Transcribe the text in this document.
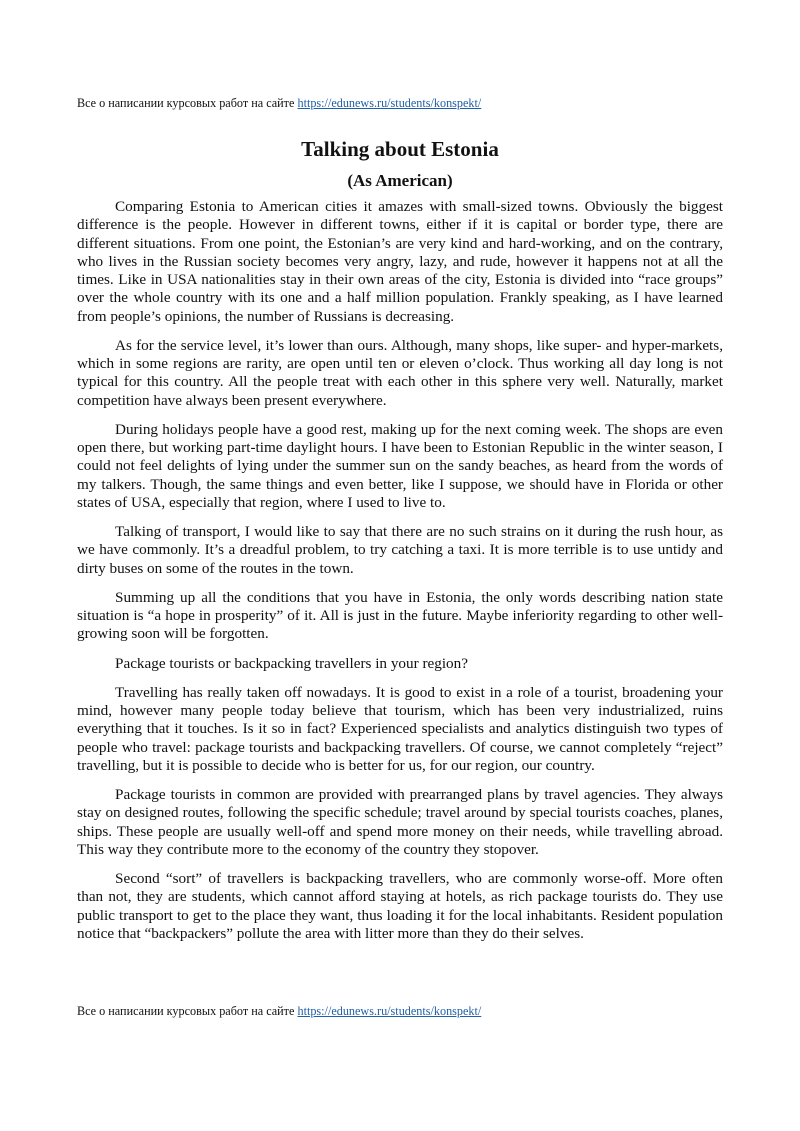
Все о написании курсовых работ на сайте https://edunews.ru/students/konspekt/
Talking about Estonia
(As American)

Comparing Estonia to American cities it amazes with small-sized towns. Obviously the biggest difference is the people. However in different towns, either if it is capital or border type, there are different situations. From one point, the Estonian’s are very kind and hard-working, and on the contrary, who lives in the Russian society becomes very angry, lazy, and rude, however it happens not at all the times. Like in USA nationalities stay in their own areas of the city, Estonia is divided into “race groups” over the whole country with its one and a half million population. Frankly speaking, as I have learned from people’s opinions, the number of Russians is decreasing.

As for the service level, it’s lower than ours. Although, many shops, like super- and hyper-markets, which in some regions are rarity, are open until ten or eleven o’clock. Thus working all day long is not typical for this country. All the people treat with each other in this sphere very well. Naturally, market competition have always been present everywhere.

During holidays people have a good rest, making up for the next coming week. The shops are even open there, but working part-time daylight hours. I have been to Estonian Republic in the winter season, I could not feel delights of lying under the summer sun on the sandy beaches, as heard from the words of my talkers. Though, the same things and even better, like I suppose, we should have in Florida or other states of USA, especially that region, where I used to live to.

Talking of transport, I would like to say that there are no such strains on it during the rush hour, as we have commonly. It’s a dreadful problem, to try catching a taxi. It is more terrible is to use untidy and dirty buses on some of the routes in the town.

Summing up all the conditions that you have in Estonia, the only words describing nation state situation is “a hope in prosperity” of it. All is just in the future. Maybe inferiority regarding to other well-growing soon will be forgotten.

Package tourists or backpacking travellers in your region?

Travelling has really taken off nowadays. It is good to exist in a role of a tourist, broadening your mind, however many people today believe that tourism, which has been very industrialized, ruins everything that it touches. Is it so in fact? Experienced specialists and analytics distinguish two types of people who travel: package tourists and backpacking travellers. Of course, we cannot completely “reject” travelling, but it is possible to decide who is better for us, for our region, our country.

Package tourists in common are provided with prearranged plans by travel agencies. They always stay on designed routes, following the specific schedule; travel around by special tourists coaches, planes, ships. These people are usually well-off and spend more money on their needs, while travelling abroad. This way they contribute more to the economy of the country they stopover.

Second “sort” of travellers is backpacking travellers, who are commonly worse-off. More often than not, they are students, which cannot afford staying at hotels, as rich package tourists do. They use public transport to get to the place they want, thus loading it for the local inhabitants. Resident population notice that “backpackers” pollute the area with litter more than they do their selves.

Все о написании курсовых работ на сайте https://edunews.ru/students/konspekt/
